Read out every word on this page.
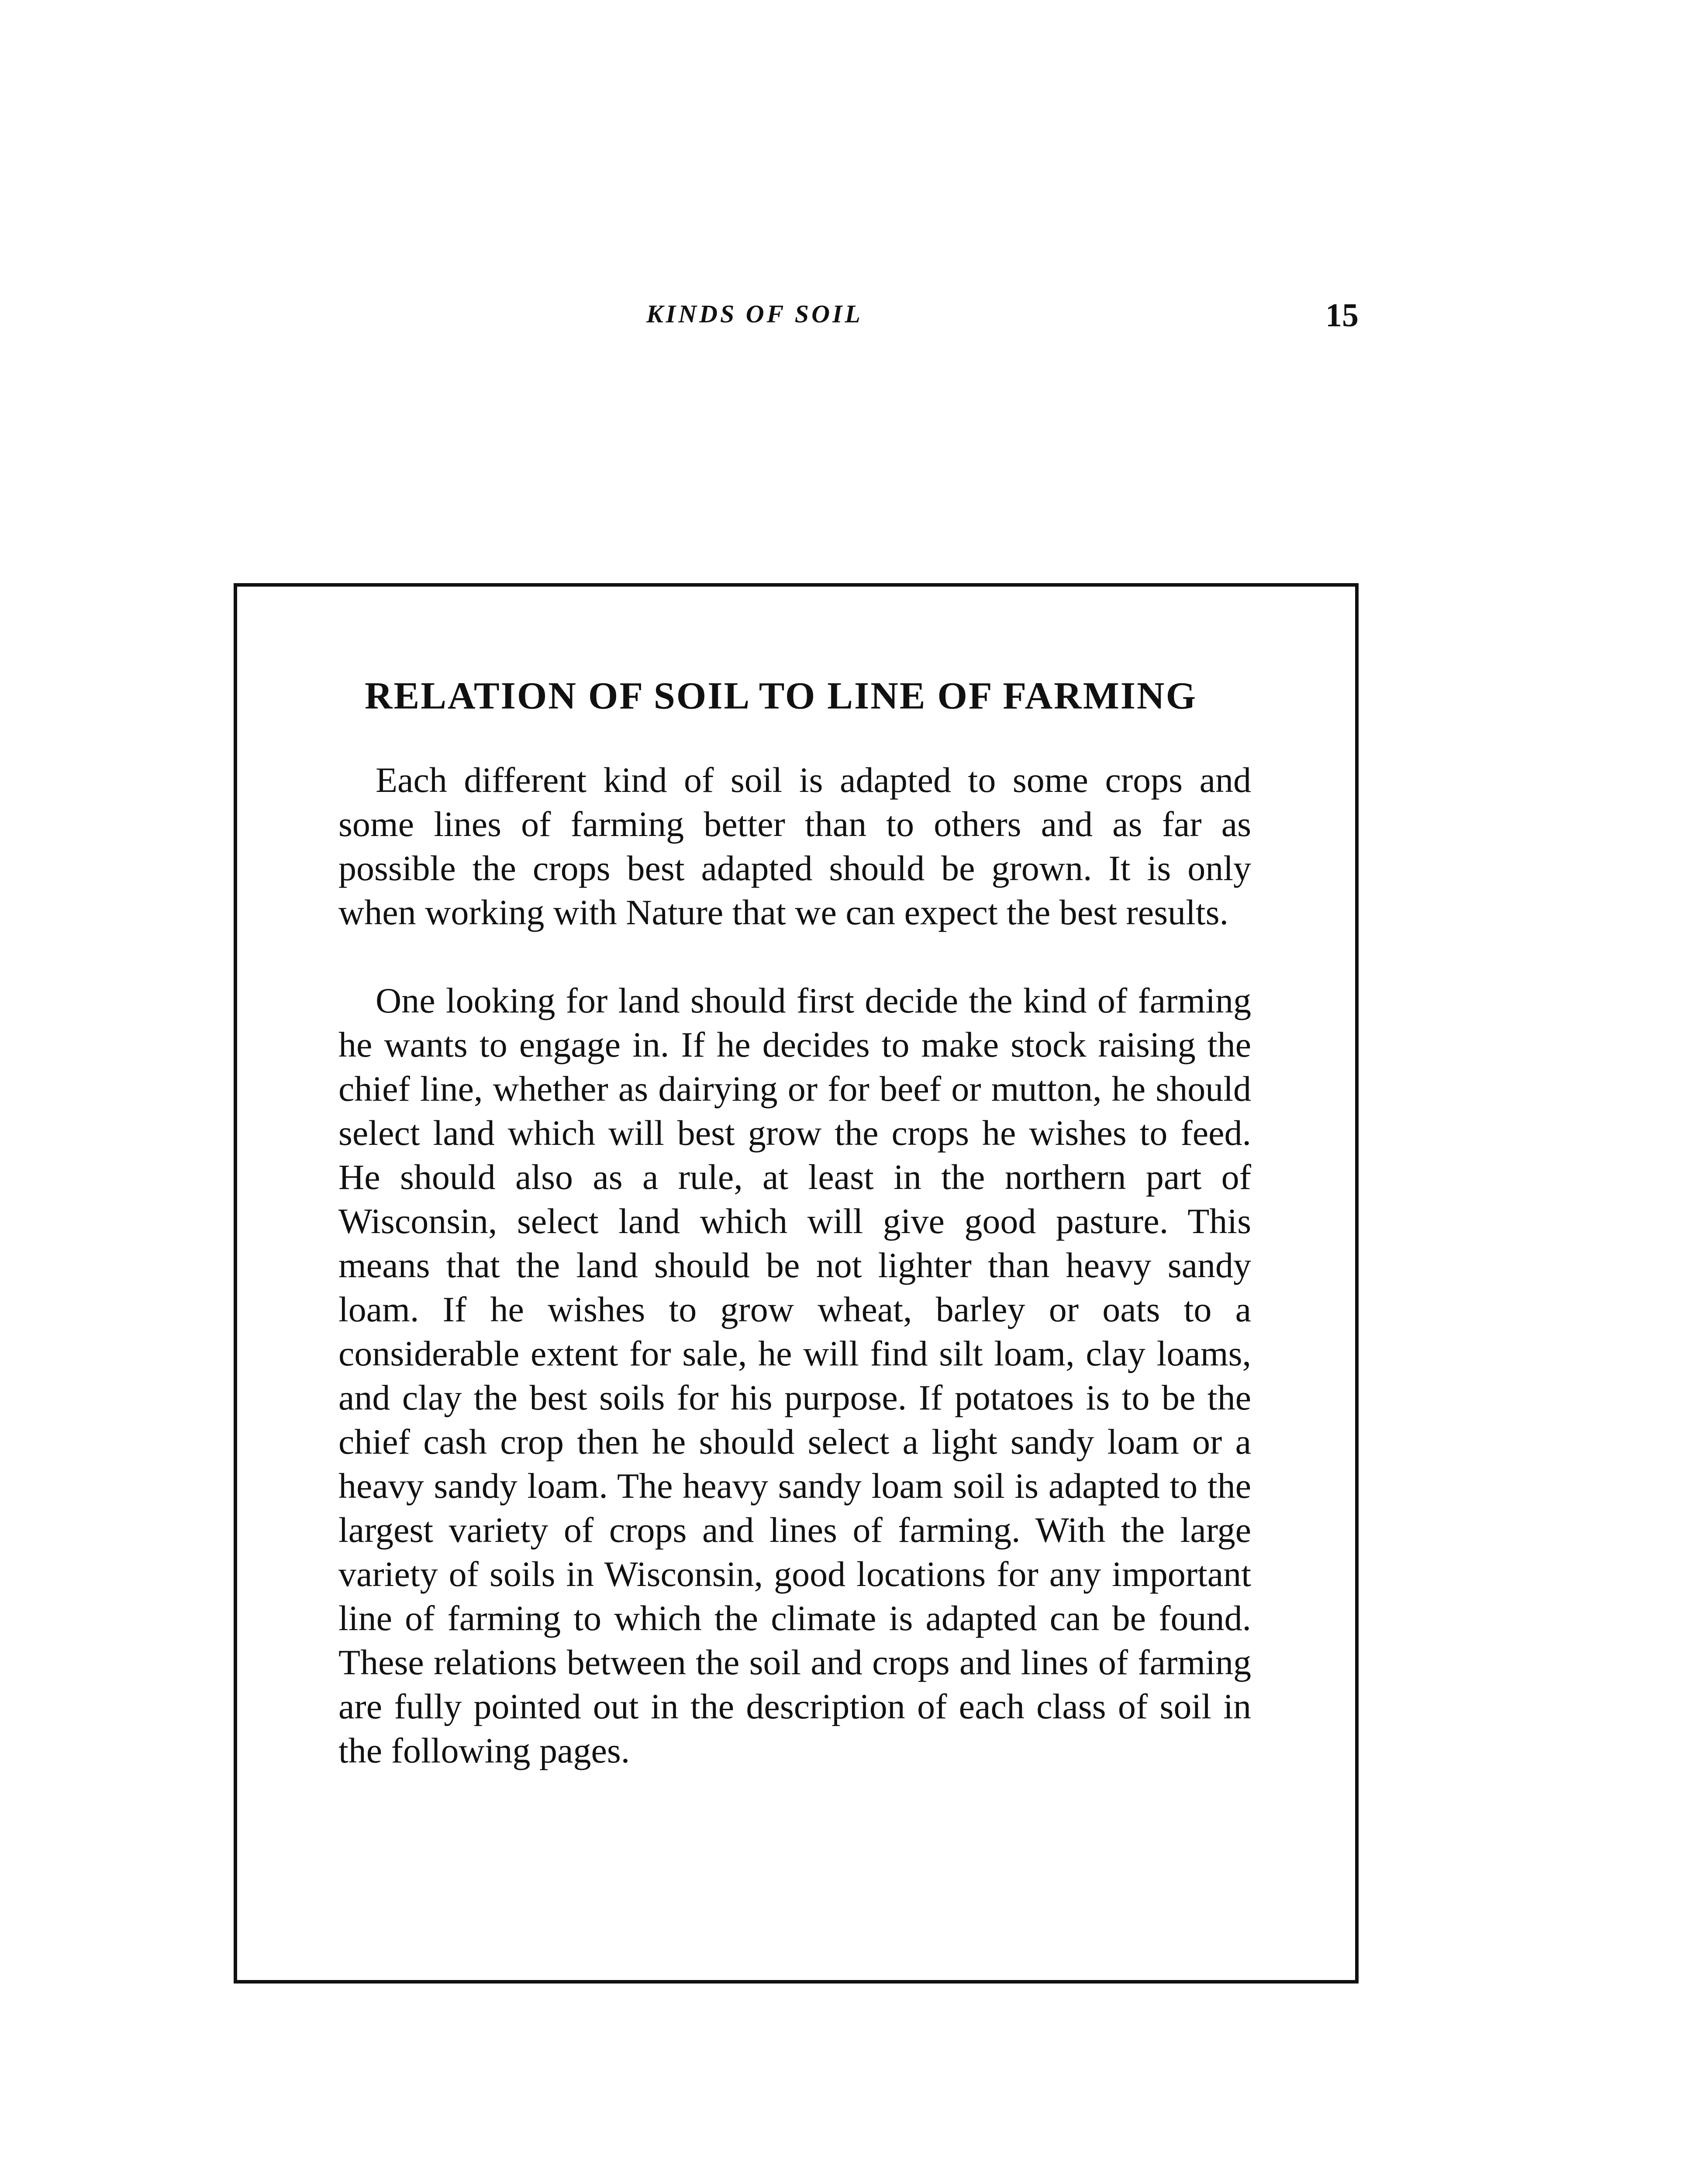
KINDS OF SOIL	15
RELATION OF SOIL TO LINE OF FARMING

Each different kind of soil is adapted to some crops and some lines of farming better than to others and as far as possible the crops best adapted should be grown. It is only when working with Nature that we can expect the best results.

One looking for land should first decide the kind of farming he wants to engage in. If he decides to make stock raising the chief line, whether as dairying or for beef or mutton, he should select land which will best grow the crops he wishes to feed. He should also as a rule, at least in the northern part of Wisconsin, select land which will give good pasture. This means that the land should be not lighter than heavy sandy loam. If he wishes to grow wheat, barley or oats to a considerable extent for sale, he will find silt loam, clay loams, and clay the best soils for his purpose. If potatoes is to be the chief cash crop then he should select a light sandy loam or a heavy sandy loam. The heavy sandy loam soil is adapted to the largest variety of crops and lines of farming. With the large variety of soils in Wisconsin, good locations for any important line of farming to which the climate is adapted can be found. These relations between the soil and crops and lines of farming are fully pointed out in the description of each class of soil in the following pages.
